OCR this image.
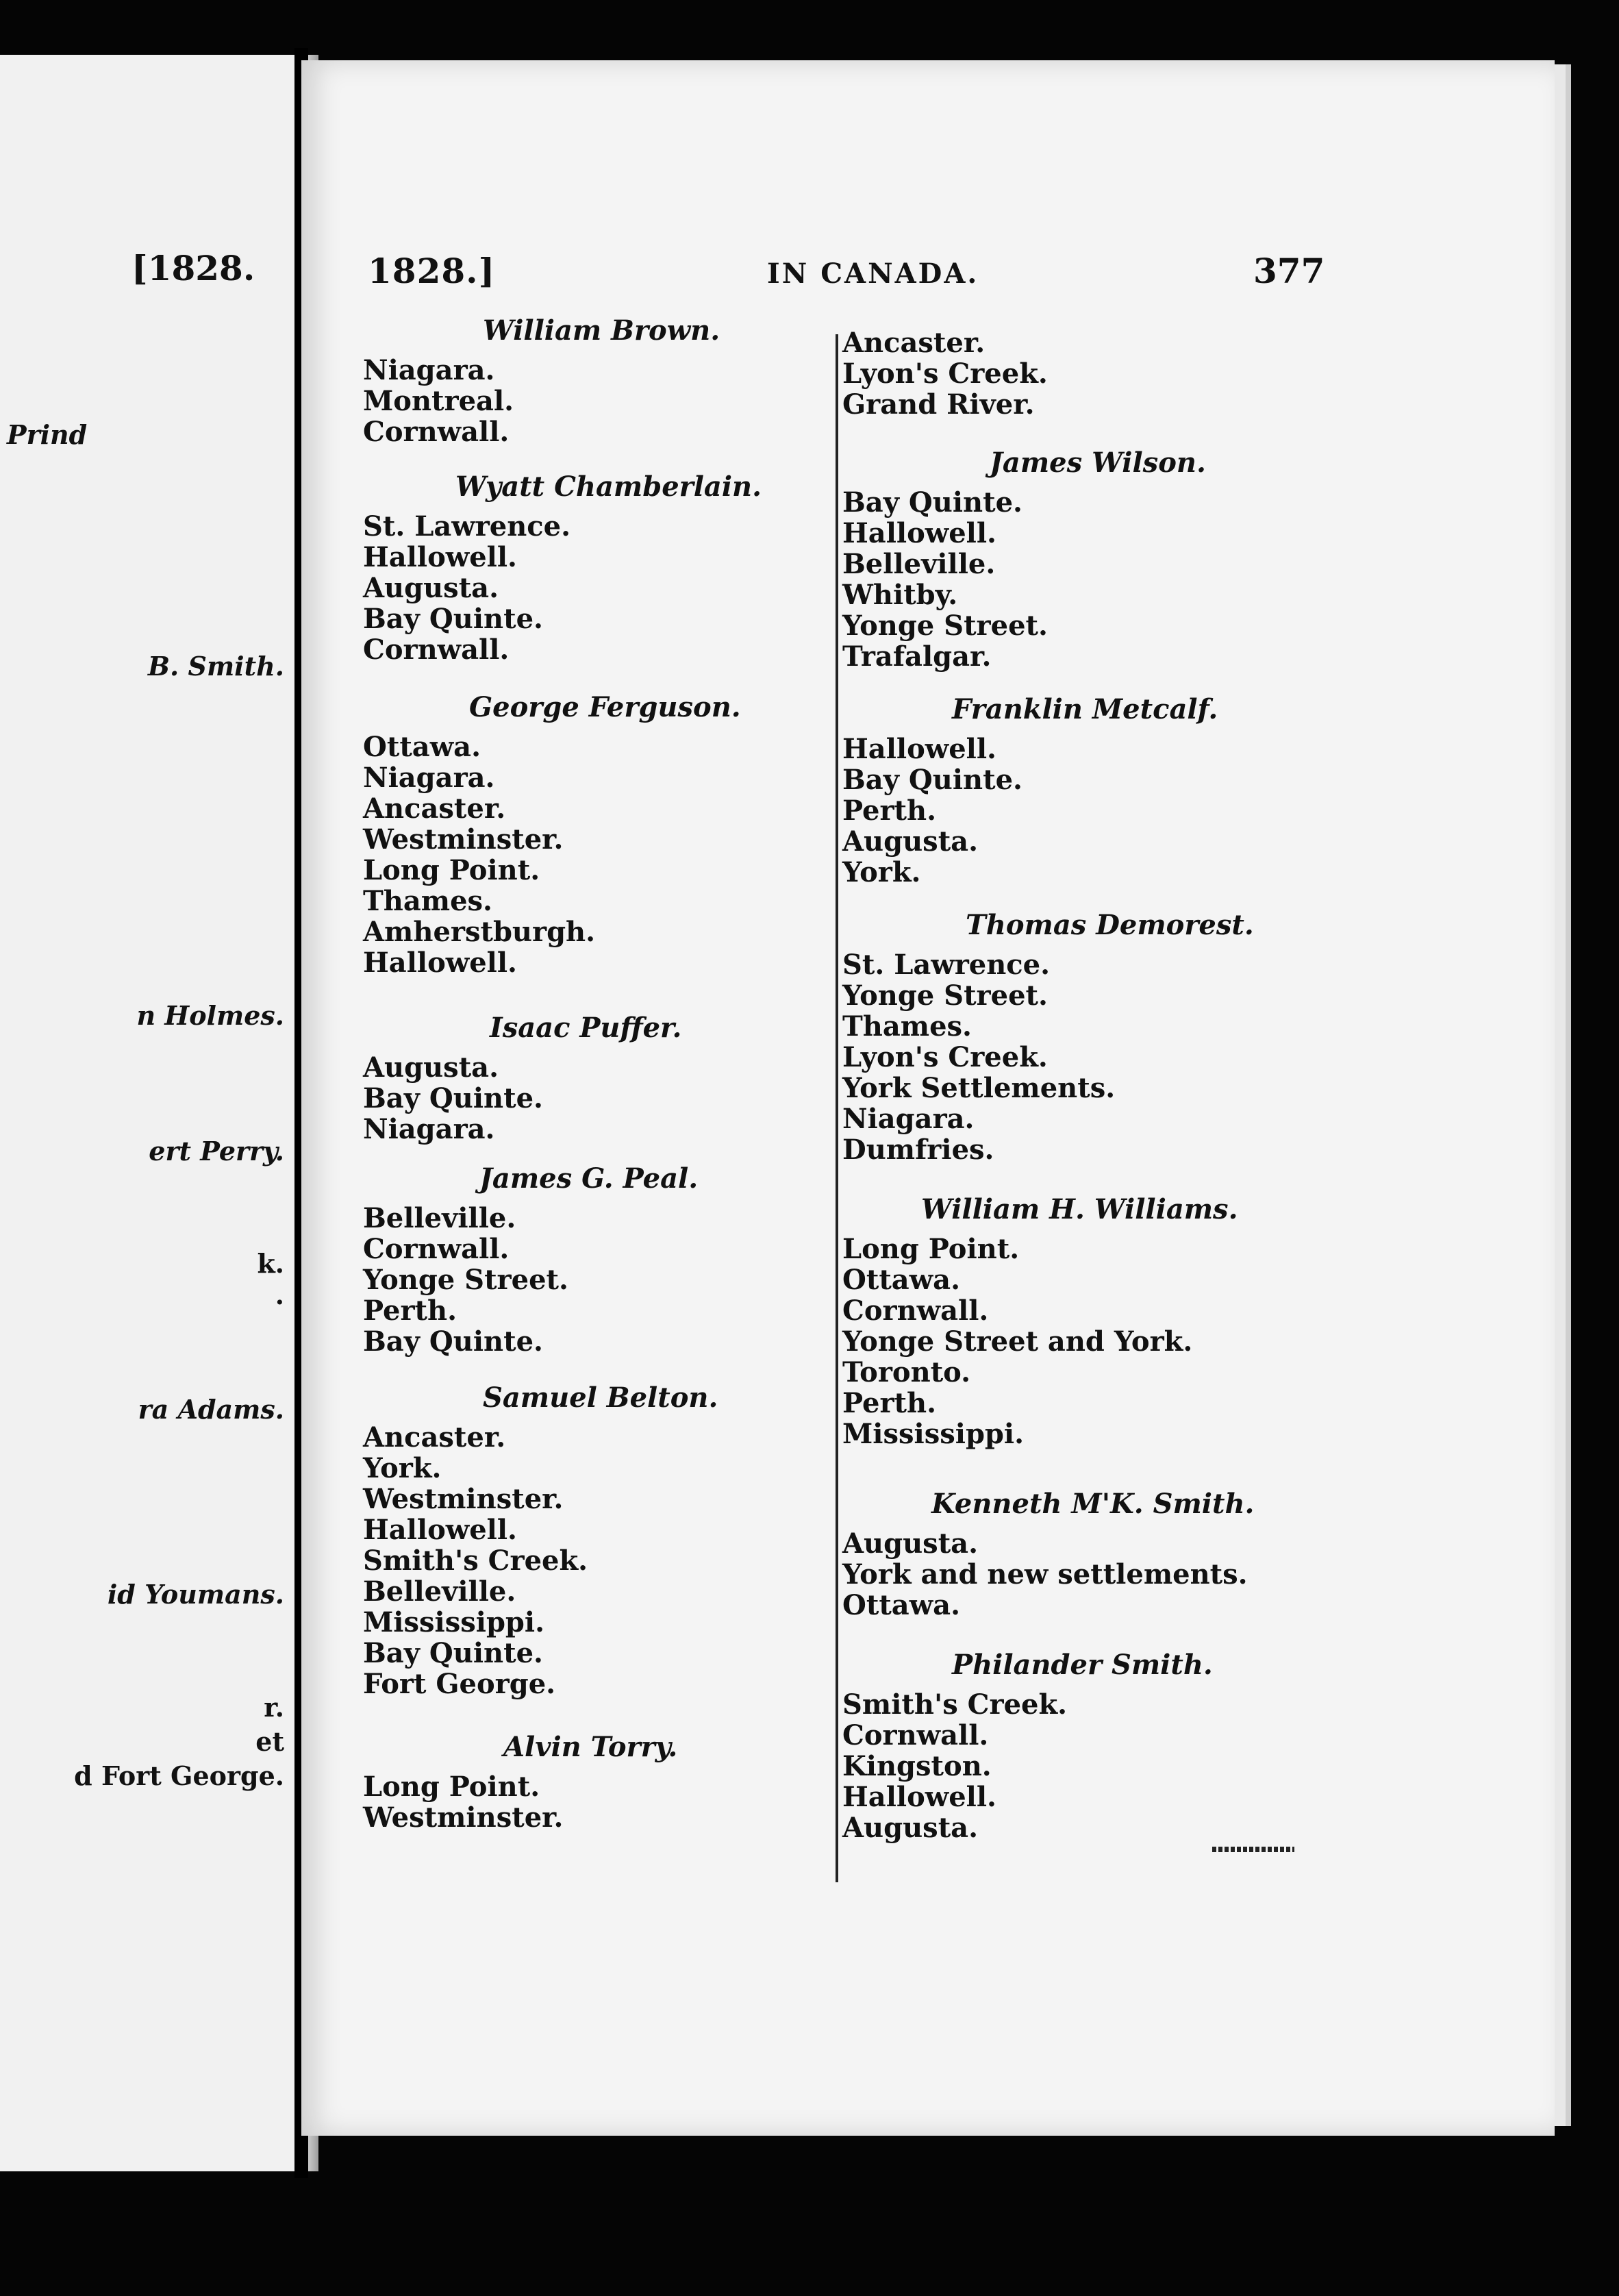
[1828.
Prind
B. Smith.
n Holmes.
ert Perry.
k.
.
ra Adams.
id Youmans.
r.
et
d Fort George.
1828.]	IN CANADA.	377
William Brown.
Niagara.
Montreal.
Cornwall.
Wyatt Chamberlain.
St. Lawrence.
Hallowell.
Augusta.
Bay Quinte.
Cornwall.
George Ferguson.
Ottawa.
Niagara.
Ancaster.
Westminster.
Long Point.
Thames.
Amherstburgh.
Hallowell.
Isaac Puffer.
Augusta.
Bay Quinte.
Niagara.
James G. Peal.
Belleville.
Cornwall.
Yonge Street.
Perth.
Bay Quinte.
Samuel Belton.
Ancaster.
York.
Westminster.
Hallowell.
Smith's Creek.
Belleville.
Mississippi.
Bay Quinte.
Fort George.
Alvin Torry.
Long Point.
Westminster.
Ancaster.
Lyon's Creek.
Grand River.
James Wilson.
Bay Quinte.
Hallowell.
Belleville.
Whitby.
Yonge Street.
Trafalgar.
Franklin Metcalf.
Hallowell.
Bay Quinte.
Perth.
Augusta.
York.
Thomas Demorest.
St. Lawrence.
Yonge Street.
Thames.
Lyon's Creek.
York Settlements.
Niagara.
Dumfries.
William H. Williams.
Long Point.
Ottawa.
Cornwall.
Yonge Street and York.
Toronto.
Perth.
Mississippi.
Kenneth M'K. Smith.
Augusta.
York and new settlements.
Ottawa.
Philander Smith.
Smith's Creek.
Cornwall.
Kingston.
Hallowell.
Augusta.
